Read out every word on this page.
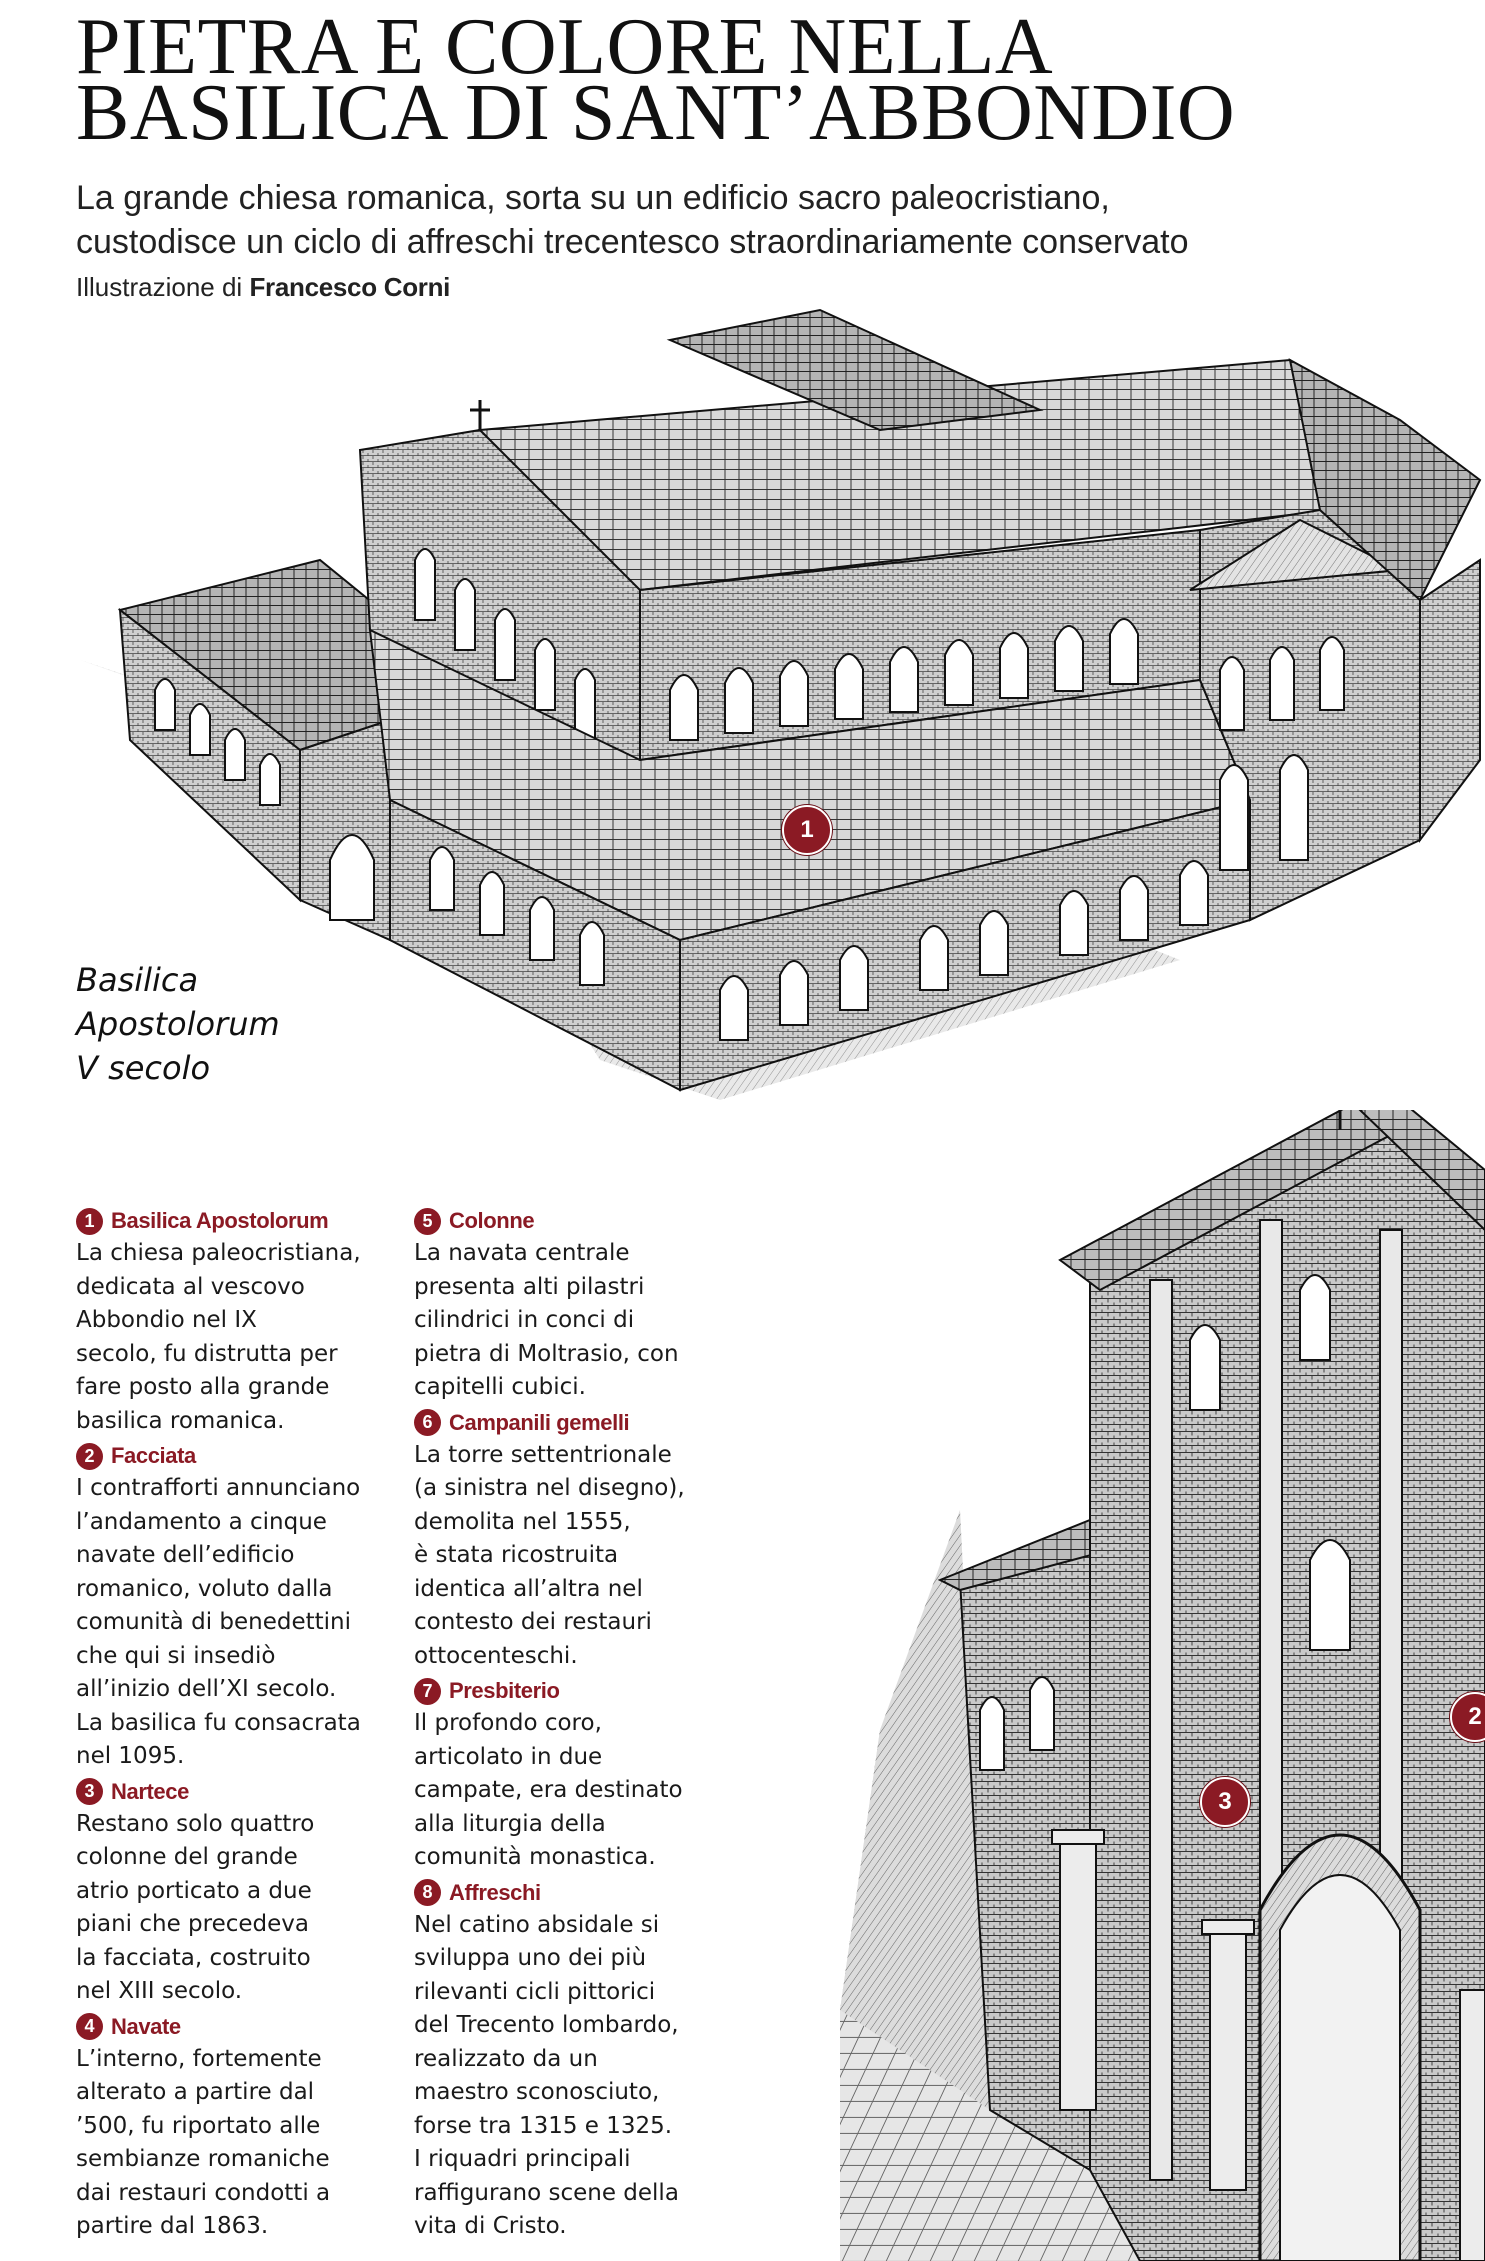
PIETRA E COLORE NELLA
BASILICA DI SANT’ABBONDIO
La grande chiesa romanica, sorta su un edificio sacro paleocristiano,
custodisce un ciclo di affreschi trecentesco straordinariamente conservato
Illustrazione di Francesco Corni
1
Basilica
Apostolorum
V secolo
2
3
1 Basilica Apostolorum
La chiesa paleocristiana,
dedicata al vescovo
Abbondio nel IX
secolo, fu distrutta per
fare posto alla grande
basilica romanica.
2 Facciata
I contrafforti annunciano
l’andamento a cinque
navate dell’edificio
romanico, voluto dalla
comunità di benedettini
che qui si insediò
all’inizio dell’XI secolo.
La basilica fu consacrata
nel 1095.
3 Nartece
Restano solo quattro
colonne del grande
atrio porticato a due
piani che precedeva
la facciata, costruito
nel XIII secolo.
4 Navate
L’interno, fortemente
alterato a partire dal
’500, fu riportato alle
sembianze romaniche
dai restauri condotti a
partire dal 1863.
5 Colonne
La navata centrale
presenta alti pilastri
cilindrici in conci di
pietra di Moltrasio, con
capitelli cubici.
6 Campanili gemelli
La torre settentrionale
(a sinistra nel disegno),
demolita nel 1555,
è stata ricostruita
identica all’altra nel
contesto dei restauri
ottocenteschi.
7 Presbiterio
Il profondo coro,
articolato in due
campate, era destinato
alla liturgia della
comunità monastica.
8 Affreschi
Nel catino absidale si
sviluppa uno dei più
rilevanti cicli pittorici
del Trecento lombardo,
realizzato da un
maestro sconosciuto,
forse tra 1315 e 1325.
I riquadri principali
raffigurano scene della
vita di Cristo.
